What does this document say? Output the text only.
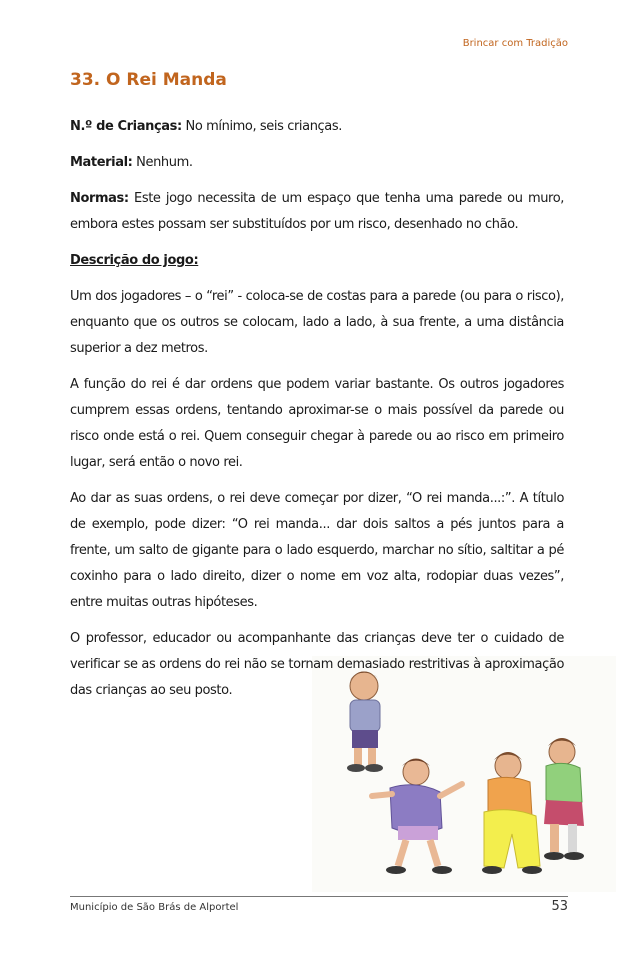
Brincar com Tradição
33. O Rei Manda

N.º de Crianças: No mínimo, seis crianças.

Material: Nenhum.

Normas: Este jogo necessita de um espaço que tenha uma parede ou muro, embora estes possam ser substituídos por um risco, desenhado no chão.

Descrição do jogo:

Um dos jogadores – o “rei” - coloca-se de costas para a parede (ou para o risco), enquanto que os outros se colocam, lado a lado, à sua frente, a uma distância superior a dez metros.

A função do rei é dar ordens que podem variar bastante. Os outros jogadores cumprem essas ordens, tentando aproximar-se o mais possível da parede ou risco onde está o rei. Quem conseguir chegar à parede ou ao risco em primeiro lugar, será então o novo rei.

Ao dar as suas ordens, o rei deve começar por dizer, “O rei manda...:”. A título de exemplo, pode dizer: “O rei manda... dar dois saltos a pés juntos para a frente, um salto de gigante para o lado esquerdo, marchar no sítio, saltitar a pé coxinho para o lado direito, dizer o nome em voz alta, rodopiar duas vezes”, entre muitas outras hipóteses.

O professor, educador ou acompanhante das crianças deve ter o cuidado de verificar se as ordens do rei não se tornam demasiado restritivas à aproximação das crianças ao seu posto.

Município de São Brás de Alportel	53
